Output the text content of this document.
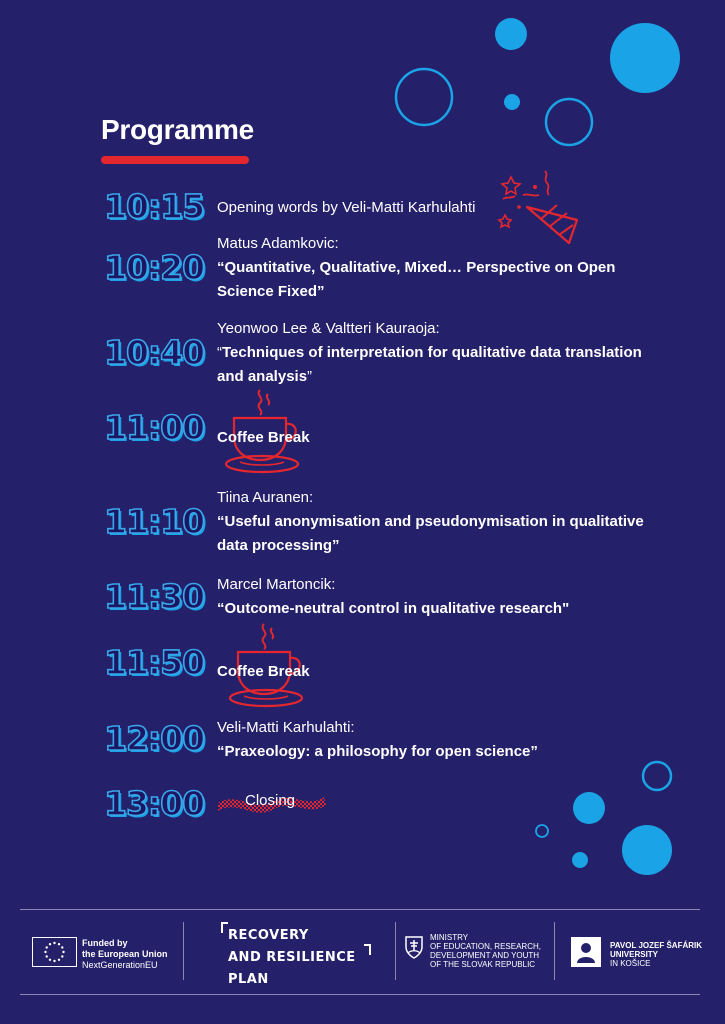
Programme
10:15 Opening words by Veli-Matti Karhulahti
10:20
Matus Adamkovic:
“Quantitative, Qualitative, Mixed… Perspective on Open Science Fixed”
10:40
Yeonwoo Lee & Valtteri Kauraoja:
“Techniques of interpretation for qualitative data translation and analysis”
11:00 Coffee Break
11:10
Tiina Auranen:
“Useful anonymisation and pseudonymisation in qualitative data processing”
11:30 Marcel Martoncik:
“Outcome-neutral control in qualitative research"
11:50 Coffee Break
12:00 Veli-Matti Karhulahti:
“Praxeology: a philosophy for open science”
13:00	Closing
Funded by
the European Union
NextGenerationEU
RECOVERY
AND RESILIENCE
PLAN
MINISTRY
OF EDUCATION, RESEARCH,
DEVELOPMENT AND YOUTH
OF THE SLOVAK REPUBLIC
PAVOL JOZEF ŠAFÁRIK
UNIVERSITY
IN KOŠICE
